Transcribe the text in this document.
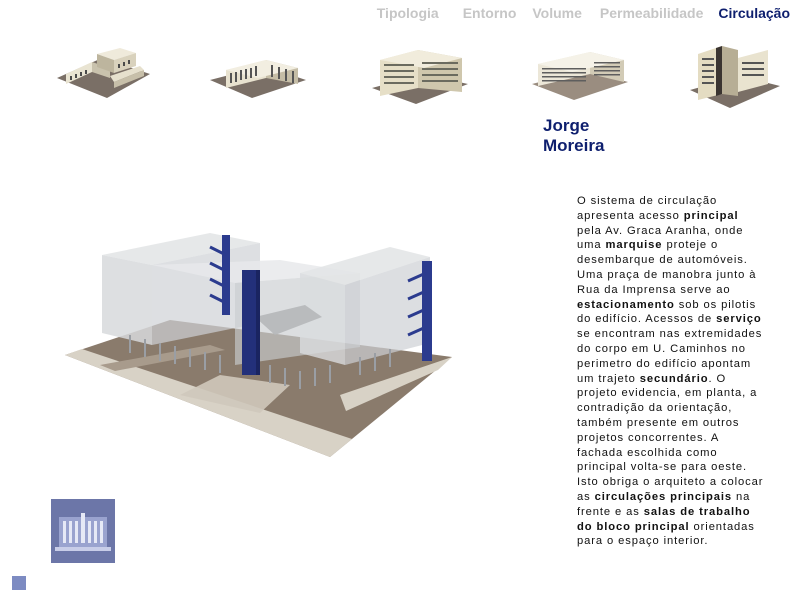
Tipologia Entorno Volume Permeabilidade Circulação
Jorge
Moreira
O sistema de circulação apresenta acesso principal pela Av. Graca Aranha, onde uma marquise proteje o desembarque de automóveis. Uma praça de manobra junto à Rua da Imprensa serve ao estacionamento sob os pilotis do edifício. Acessos de serviço se encontram nas extremidades do corpo em U. Caminhos no perimetro do edifício apontam um trajeto secundário. O projeto evidencia, em planta, a contradição da orientação, também presente em outros projetos concorrentes. A fachada escolhida como principal volta-se para oeste. Isto obriga o arquiteto a colocar as circulações principais na frente e as salas de trabalho do bloco principal orientadas para o espaço interior.
